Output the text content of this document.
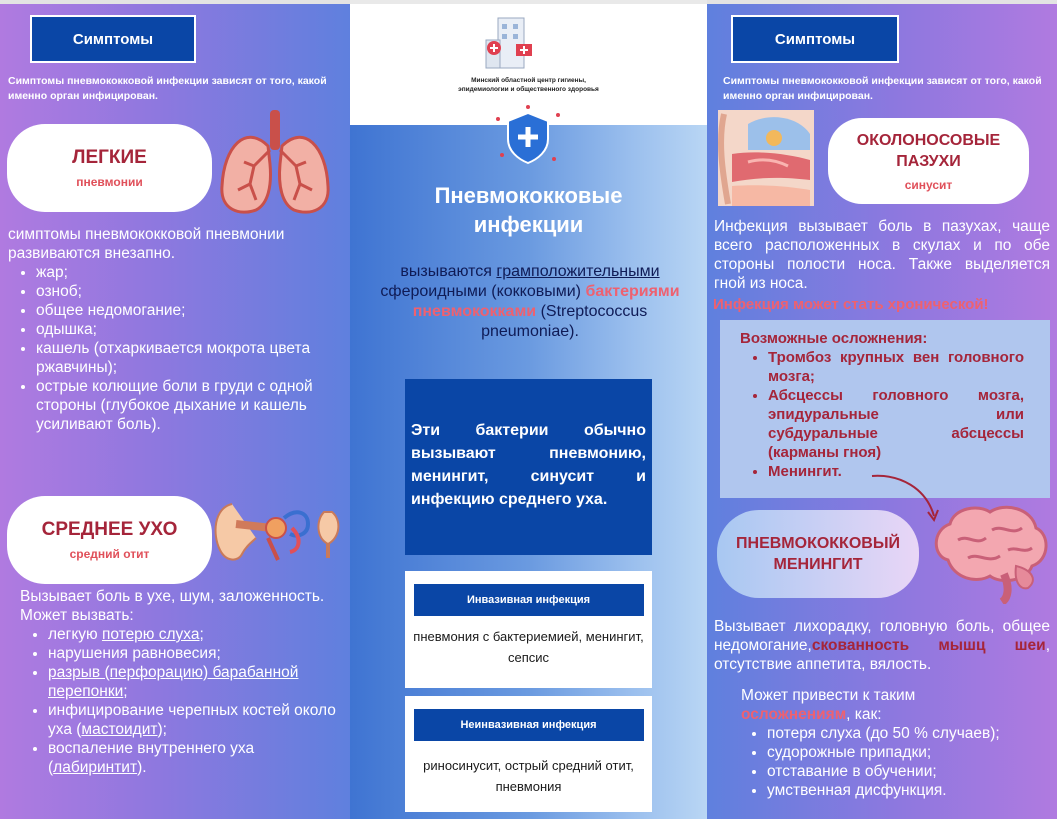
Симптомы
Симптомы пневмококковой инфекции зависят от того, какой именно орган инфицирован.
ЛЕГКИЕ
пневмонии
симптомы пневмококковой пневмонии развиваются внезапно.
• жар;
• озноб;
• общее недомогание;
• одышка;
• кашель (отхаркивается мокрота цвета ржавчины);
• острые колющие боли в груди с одной стороны (глубокое дыхание и кашель усиливают боль).
СРЕДНЕЕ УХО
средний отит
Вызывает боль в ухе, шум, заложенность. Может вызвать:
• легкую потерю слуха;
• нарушения равновесия;
• разрыв (перфорацию) барабанной перепонки;
• инфицирование черепных костей около уха (мастоидит);
• воспаление внутреннего уха (лабиринтит).
Минский областной центр гигиены,
эпидемиологии и общественного здоровья
Пневмококковые
инфекции
вызываются грамположительными сфероидными (кокковыми) бактериями пневмококками (Streptococcus pneumoniae).
Эти бактерии обычно вызывают пневмонию, менингит, синусит и инфекцию среднего уха.
Инвазивная инфекция
пневмония с бактериемией, менингит, сепсис
Неинвазивная инфекция
риносинусит, острый средний отит, пневмония
Симптомы
Симптомы пневмококковой инфекции зависят от того, какой именно орган инфицирован.
ОКОЛОНОСОВЫЕ ПАЗУХИ
синусит
Инфекция вызывает боль в пазухах, чаще всего расположенных в скулах и по обе стороны полости носа. Также выделяется гной из носа.
Инфекция может стать хронической!
Возможные осложнения:
• Тромбоз крупных вен головного мозга;
• Абсцессы головного мозга, эпидуральные или субдуральные абсцессы (карманы гноя)
• Менингит.
ПНЕВМОКОККОВЫЙ МЕНИНГИТ
Вызывает лихорадку, головную боль, общее недомогание,скованность мышц шеи, отсутствие аппетита, вялость.
Может привести к таким
осложнениям, как:
• потеря слуха (до 50 % случаев);
• судорожные припадки;
• отставание в обучении;
• умственная дисфункция.
